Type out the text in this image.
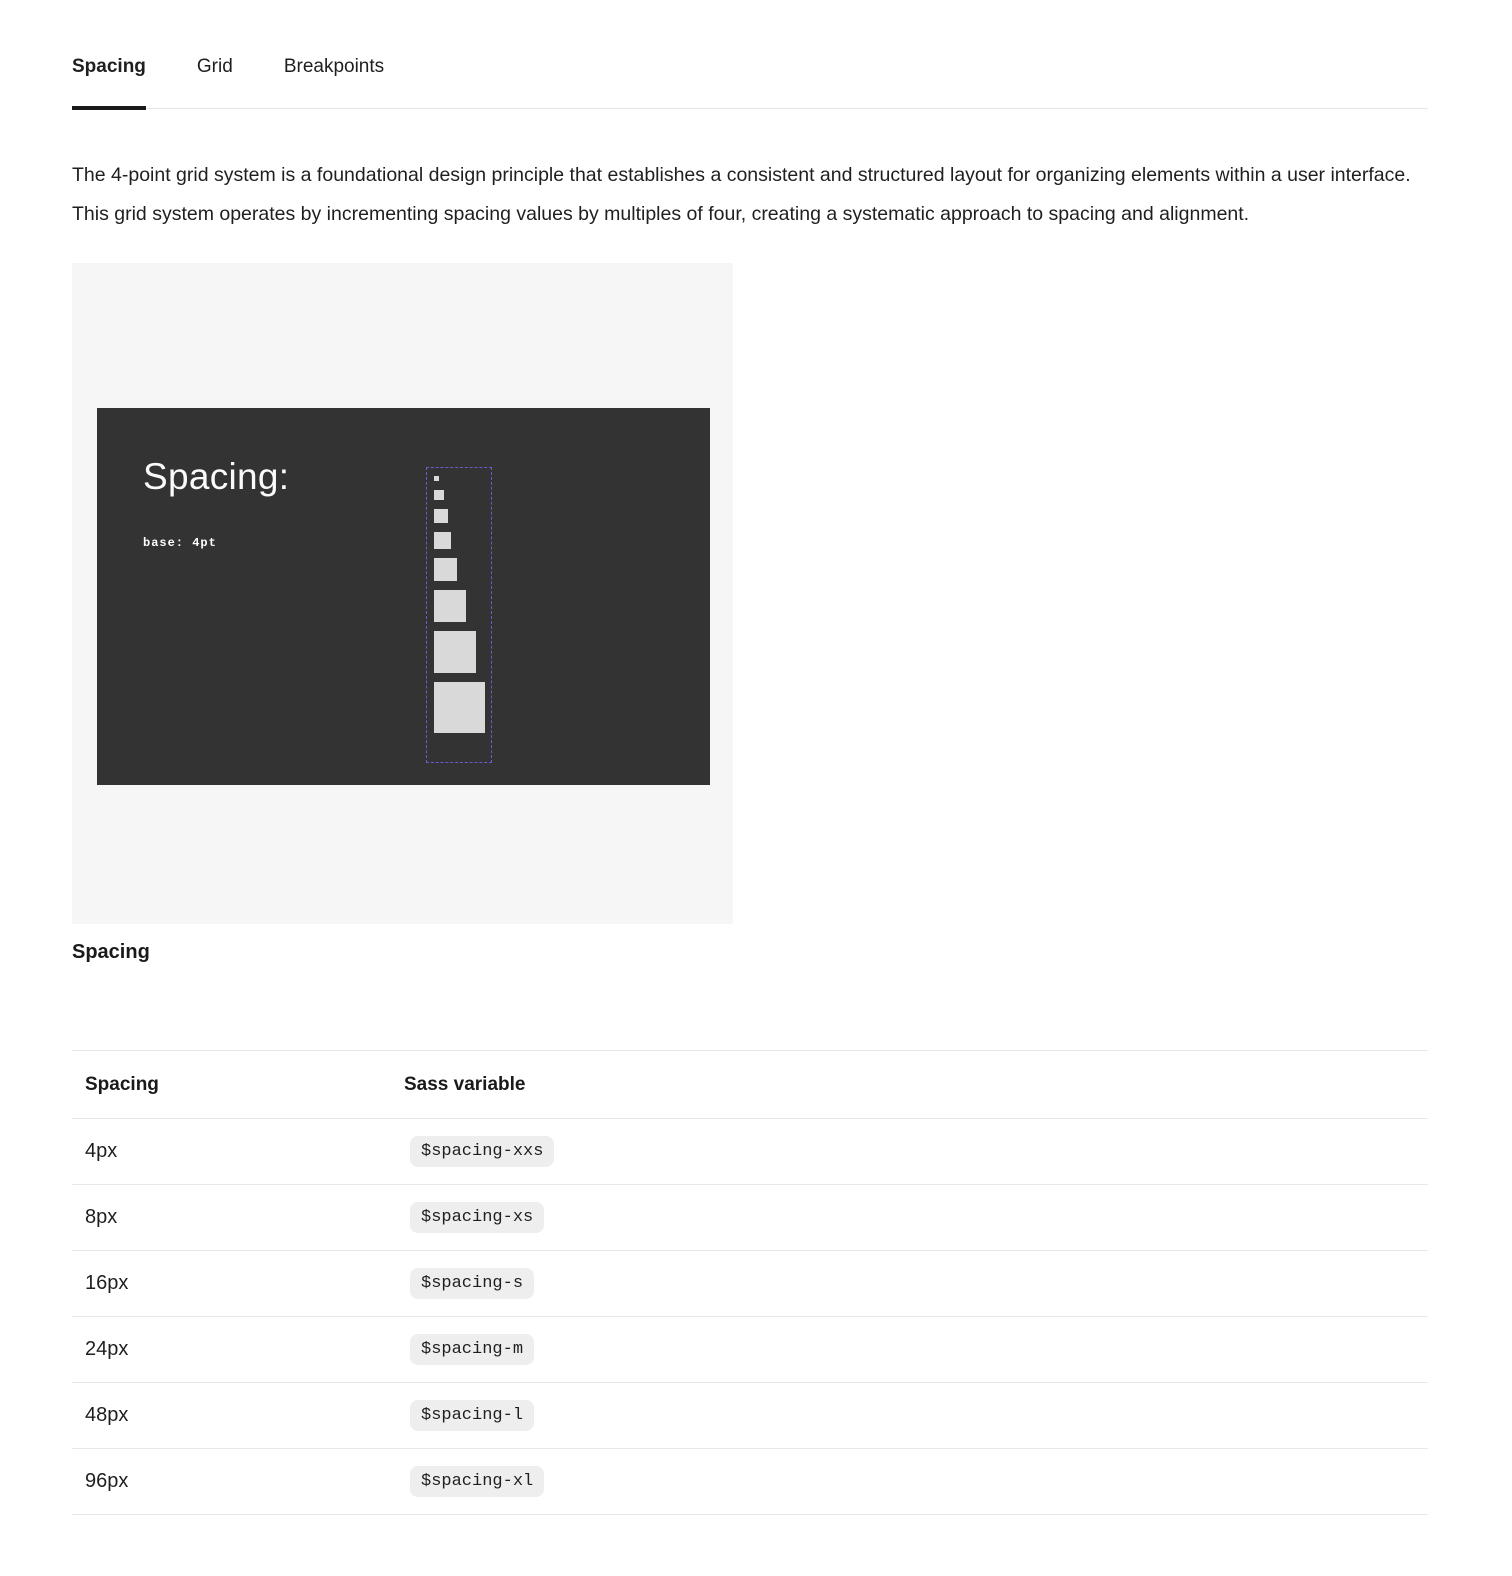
Spacing	Grid	Breakpoints

The 4-point grid system is a foundational design principle that establishes a consistent and structured layout for organizing elements within a user interface. This grid system operates by incrementing spacing values by multiples of four, creating a systematic approach to spacing and alignment.

Spacing:
base: 4pt
Spacing
Spacing	Sass variable
4px	$spacing-xxs
8px	$spacing-xs
16px	$spacing-s
24px	$spacing-m
48px	$spacing-l
96px	$spacing-xl
